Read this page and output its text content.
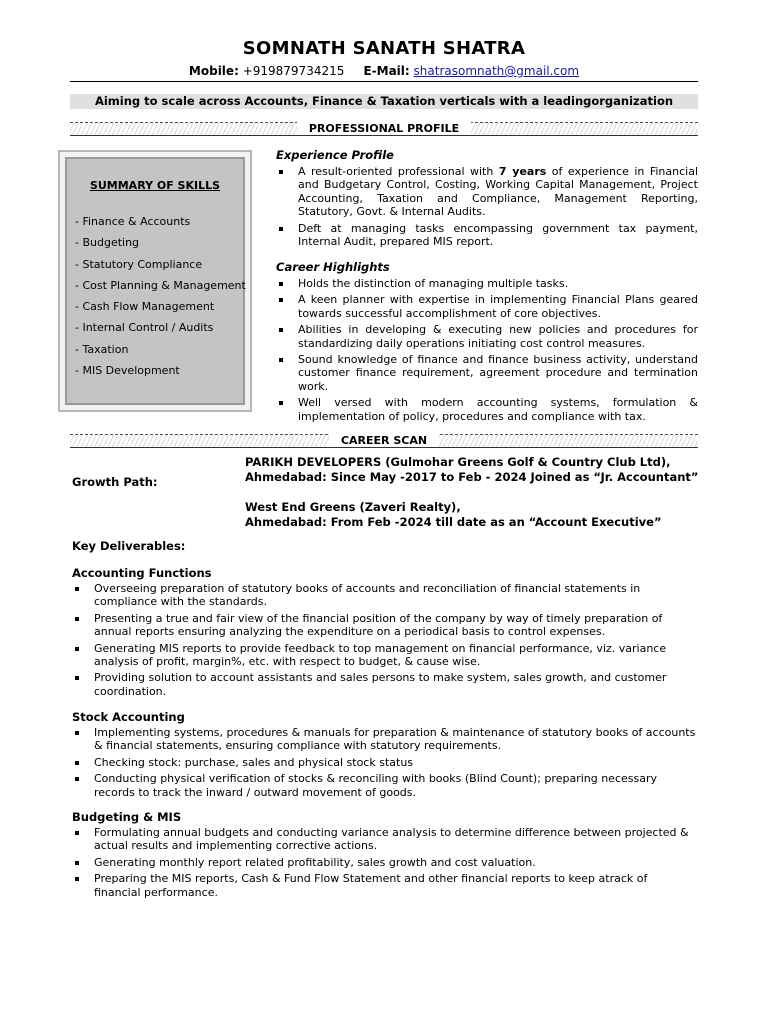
SOMNATH SANATH SHATRA
Mobile: +919879734215 E-Mail: shatrasomnath@gmail.com
Aiming to scale across Accounts, Finance & Taxation verticals with a leadingorganization
PROFESSIONAL PROFILE
SUMMARY OF SKILLS
- Finance & Accounts
- Budgeting
- Statutory Compliance
- Cost Planning & Management
- Cash Flow Management
- Internal Control / Audits
- Taxation
- MIS Development
Experience Profile
A result-oriented professional with 7 years of experience in Financial and Budgetary Control, Costing, Working Capital Management, Project Accounting, Taxation and Compliance, Management Reporting, Statutory, Govt. & Internal Audits.
Deft at managing tasks encompassing government tax payment, Internal Audit, prepared MIS report.
Career Highlights
Holds the distinction of managing multiple tasks.
A keen planner with expertise in implementing Financial Plans geared towards successful accomplishment of core objectives.
Abilities in developing & executing new policies and procedures for standardizing daily operations initiating cost control measures.
Sound knowledge of finance and finance business activity, understand customer finance requirement, agreement procedure and termination work.
Well versed with modern accounting systems, formulation & implementation of policy, procedures and compliance with tax.
CAREER SCAN
Growth Path:
PARIKH DEVELOPERS (Gulmohar Greens Golf & Country Club Ltd),
Ahmedabad: Since May -2017 to Feb - 2024 Joined as “Jr. Accountant”
West End Greens (Zaveri Realty),
Ahmedabad: From Feb -2024 till date as an “Account Executive”
Key Deliverables:
Accounting Functions
Overseeing preparation of statutory books of accounts and reconciliation of financial statements in compliance with the standards.
Presenting a true and fair view of the financial position of the company by way of timely preparation of annual reports ensuring analyzing the expenditure on a periodical basis to control expenses.
Generating MIS reports to provide feedback to top management on financial performance, viz. variance analysis of profit, margin%, etc. with respect to budget, & cause wise.
Providing solution to account assistants and sales persons to make system, sales growth, and customer coordination.
Stock Accounting
Implementing systems, procedures & manuals for preparation & maintenance of statutory books of accounts & financial statements, ensuring compliance with statutory requirements.
Checking stock: purchase, sales and physical stock status
Conducting physical verification of stocks & reconciling with books (Blind Count); preparing necessary records to track the inward / outward movement of goods.
Budgeting & MIS
Formulating annual budgets and conducting variance analysis to determine difference between projected & actual results and implementing corrective actions.
Generating monthly report related profitability, sales growth and cost valuation.
Preparing the MIS reports, Cash & Fund Flow Statement and other financial reports to keep atrack of financial performance.
